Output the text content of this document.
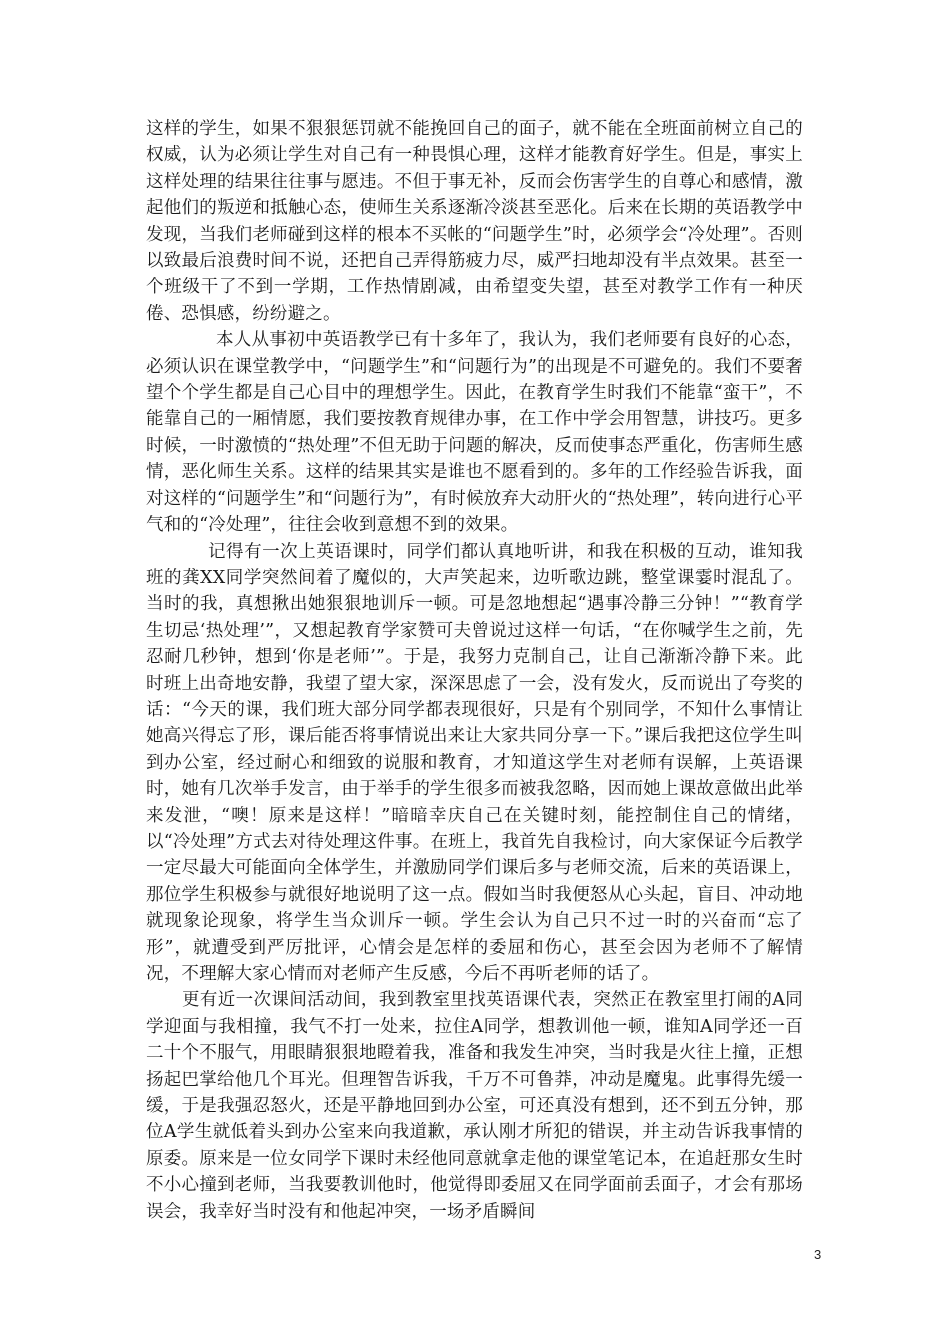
这样的学生，如果不狠狠惩罚就不能挽回自己的面子，就不能在全班面前树立自己的权威，认为必须让学生对自己有一种畏惧心理，这样才能教育好学生。但是，事实上这样处理的结果往往事与愿违。不但于事无补，反而会伤害学生的自尊心和感情，激起他们的叛逆和抵触心态，使师生关系逐渐冷淡甚至恶化。后来在长期的英语教学中发现，当我们老师碰到这样的根本不买帐的“问题学生”时，必须学会“冷处理”。否则以致最后浪费时间不说，还把自己弄得筋疲力尽，威严扫地却没有半点效果。甚至一个班级干了不到一学期，工作热情剧减，由希望变失望，甚至对教学工作有一种厌倦、恐惧感，纷纷避之。

本人从事初中英语教学已有十多年了，我认为，我们老师要有良好的心态，必须认识在课堂教学中，“问题学生”和“问题行为”的出现是不可避免的。我们不要奢望个个学生都是自己心目中的理想学生。因此，在教育学生时我们不能靠“蛮干”，不能靠自己的一厢情愿，我们要按教育规律办事，在工作中学会用智慧，讲技巧。更多时候，一时激愤的“热处理”不但无助于问题的解决，反而使事态严重化，伤害师生感情，恶化师生关系。这样的结果其实是谁也不愿看到的。多年的工作经验告诉我，面对这样的“问题学生”和“问题行为”，有时候放弃大动肝火的“热处理”，转向进行心平气和的“冷处理”，往往会收到意想不到的效果。

记得有一次上英语课时，同学们都认真地听讲，和我在积极的互动，谁知我班的龚XX同学突然间着了魔似的，大声笑起来，边听歌边跳，整堂课霎时混乱了。当时的我，真想揪出她狠狠地训斥一顿。可是忽地想起“遇事冷静三分钟！”“教育学生切忌‘热处理’”，又想起教育学家赞可夫曾说过这样一句话，“在你喊学生之前，先忍耐几秒钟，想到‘你是老师’”。于是，我努力克制自己，让自己渐渐冷静下来。此时班上出奇地安静，我望了望大家，深深思虑了一会，没有发火，反而说出了夸奖的话：“今天的课，我们班大部分同学都表现很好，只是有个别同学，不知什么事情让她高兴得忘了形，课后能否将事情说出来让大家共同分享一下。”课后我把这位学生叫到办公室，经过耐心和细致的说服和教育，才知道这学生对老师有误解，上英语课时，她有几次举手发言，由于举手的学生很多而被我忽略，因而她上课故意做出此举来发泄，“噢！原来是这样！”暗暗幸庆自己在关键时刻，能控制住自己的情绪，以“冷处理”方式去对待处理这件事。在班上，我首先自我检讨，向大家保证今后教学一定尽最大可能面向全体学生，并激励同学们课后多与老师交流，后来的英语课上，那位学生积极参与就很好地说明了这一点。假如当时我便怒从心头起，盲目、冲动地就现象论现象，将学生当众训斥一顿。学生会认为自己只不过一时的兴奋而“忘了形”，就遭受到严厉批评，心情会是怎样的委屈和伤心，甚至会因为老师不了解情况，不理解大家心情而对老师产生反感，今后不再听老师的话了。

更有近一次课间活动间，我到教室里找英语课代表，突然正在教室里打闹的A同学迎面与我相撞，我气不打一处来，拉住A同学，想教训他一顿，谁知A同学还一百二十个不服气，用眼睛狠狠地瞪着我，准备和我发生冲突，当时我是火往上撞，正想扬起巴掌给他几个耳光。但理智告诉我，千万不可鲁莽，冲动是魔鬼。此事得先缓一缓，于是我强忍怒火，还是平静地回到办公室，可还真没有想到，还不到五分钟，那位A学生就低着头到办公室来向我道歉，承认刚才所犯的错误，并主动告诉我事情的原委。原来是一位女同学下课时未经他同意就拿走他的课堂笔记本，在追赶那女生时不小心撞到老师，当我要教训他时，他觉得即委屈又在同学面前丢面子，才会有那场误会，我幸好当时没有和他起冲突，一场矛盾瞬间

3
